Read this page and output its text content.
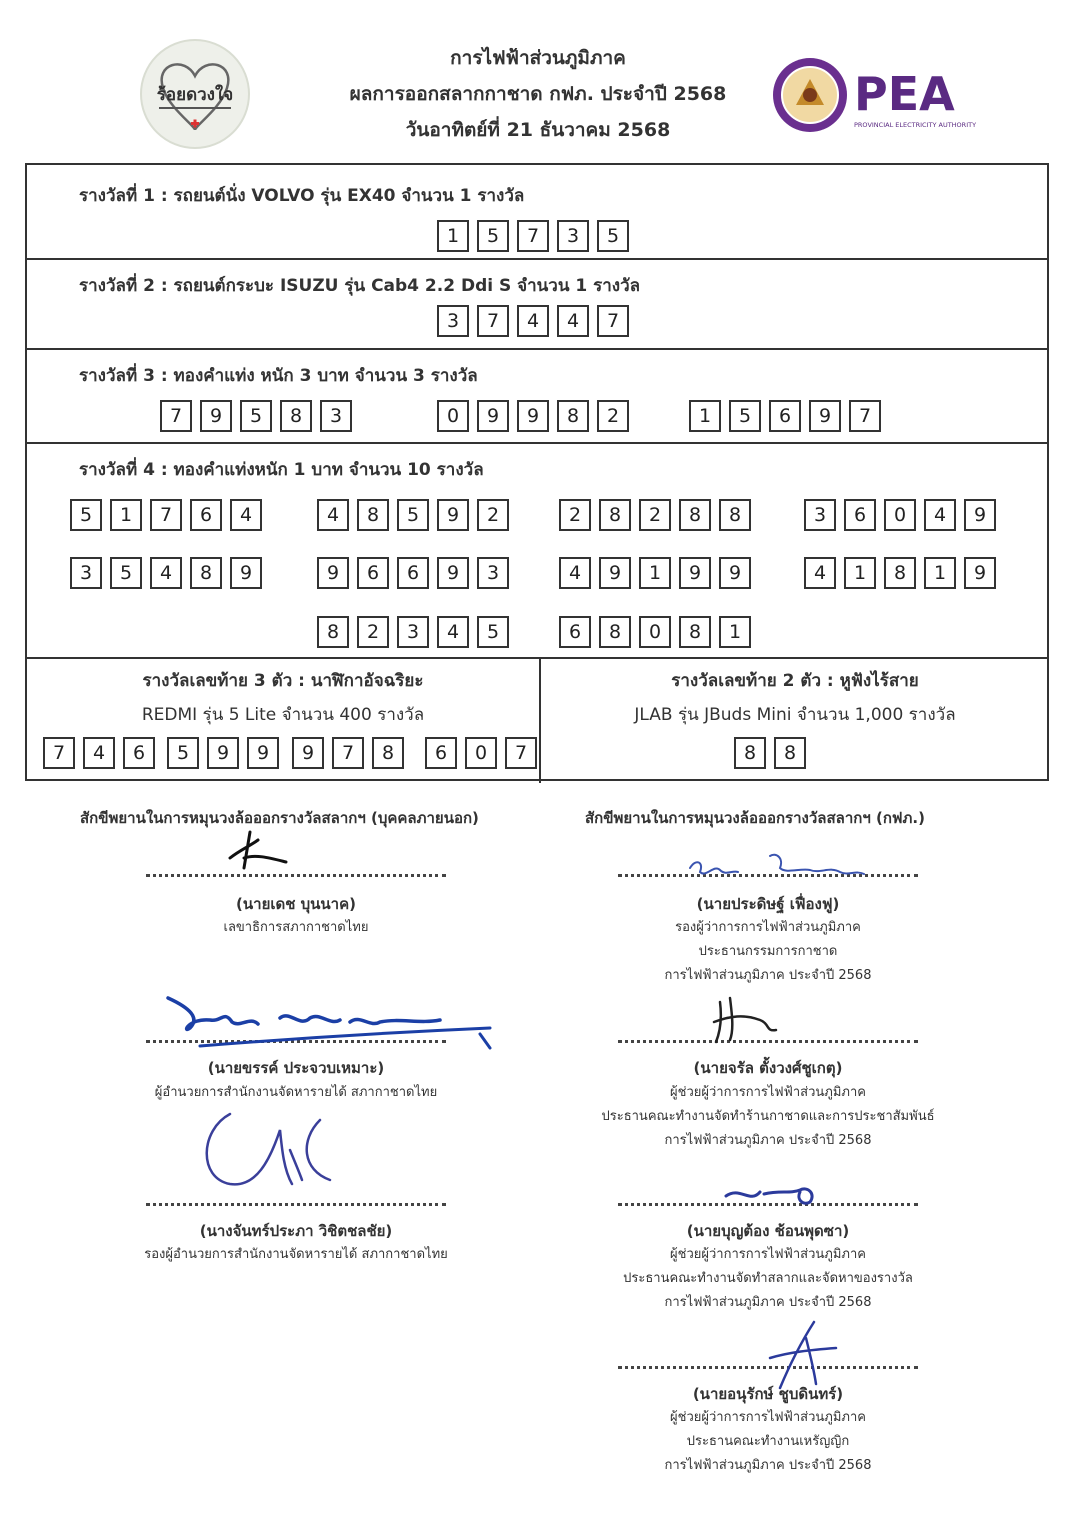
การไฟฟ้าส่วนภูมิภาค
ผลการออกสลากกาชาด กฟภ. ประจำปี 2568
วันอาทิตย์ที่ 21 ธันวาคม 2568
ร้อยดวงใจ	PEA
PROVINCIAL ELECTRICITY AUTHORITY
รางวัลที่ 1 : รถยนต์นั่ง VOLVO รุ่น EX40 จำนวน 1 รางวัล
1	5	7	3	5
รางวัลที่ 2 : รถยนต์กระบะ ISUZU รุ่น Cab4 2.2 Ddi S จำนวน 1 รางวัล
3	7	4	4	7
รางวัลที่ 3 : ทองคำแท่ง หนัก 3 บาท จำนวน 3 รางวัล
7	9	5	8	3	0	9	9	8	2	1	5	6	9	7
รางวัลที่ 4 : ทองคำแท่งหนัก 1 บาท จำนวน 10 รางวัล
5	1	7	6	4	4	8	5	9	2	2	8	2	8	8	3	6	0	4	9
3	5	4	8	9	9	6	6	9	3	4	9	1	9	9	4	1	8	1	9
8	2	3	4	5	6	8	0	8	1
รางวัลเลขท้าย 3 ตัว : นาฬิกาอัจฉริยะ
REDMI รุ่น 5 Lite จำนวน 400 รางวัล
รางวัลเลขท้าย 2 ตัว : หูฟังไร้สาย
JLAB รุ่น JBuds Mini จำนวน 1,000 รางวัล
7	4	6	5	9	9	9	7	8	6	0	7	8	8
สักขีพยานในการหมุนวงล้อออกรางวัลสลากฯ (บุคคลภายนอก)	สักขีพยานในการหมุนวงล้อออกรางวัลสลากฯ (กฟภ.)
(นายเดช บุนนาค)
เลขาธิการสภากาชาดไทย
(นายขรรค์ ประจวบเหมาะ)
ผู้อำนวยการสำนักงานจัดหารายได้ สภากาชาดไทย
(นางจันทร์ประภา วิชิตชลชัย)
รองผู้อำนวยการสำนักงานจัดหารายได้ สภากาชาดไทย
(นายประดิษฐ์ เฟื่องฟู)
รองผู้ว่าการการไฟฟ้าส่วนภูมิภาค
ประธานกรรมการกาชาด
การไฟฟ้าส่วนภูมิภาค ประจำปี 2568
(นายจรัล ตั้งวงศ์ชูเกตุ)
ผู้ช่วยผู้ว่าการการไฟฟ้าส่วนภูมิภาค
ประธานคณะทำงานจัดทำร้านกาชาดและการประชาสัมพันธ์
การไฟฟ้าส่วนภูมิภาค ประจำปี 2568
(นายบุญต้อง ช้อนพุดซา)
ผู้ช่วยผู้ว่าการการไฟฟ้าส่วนภูมิภาค
ประธานคณะทำงานจัดทำสลากและจัดหาของรางวัล
การไฟฟ้าส่วนภูมิภาค ประจำปี 2568
(นายอนุรักษ์ ชูบดินทร์)
ผู้ช่วยผู้ว่าการการไฟฟ้าส่วนภูมิภาค
ประธานคณะทำงานเหรัญญิก
การไฟฟ้าส่วนภูมิภาค ประจำปี 2568
